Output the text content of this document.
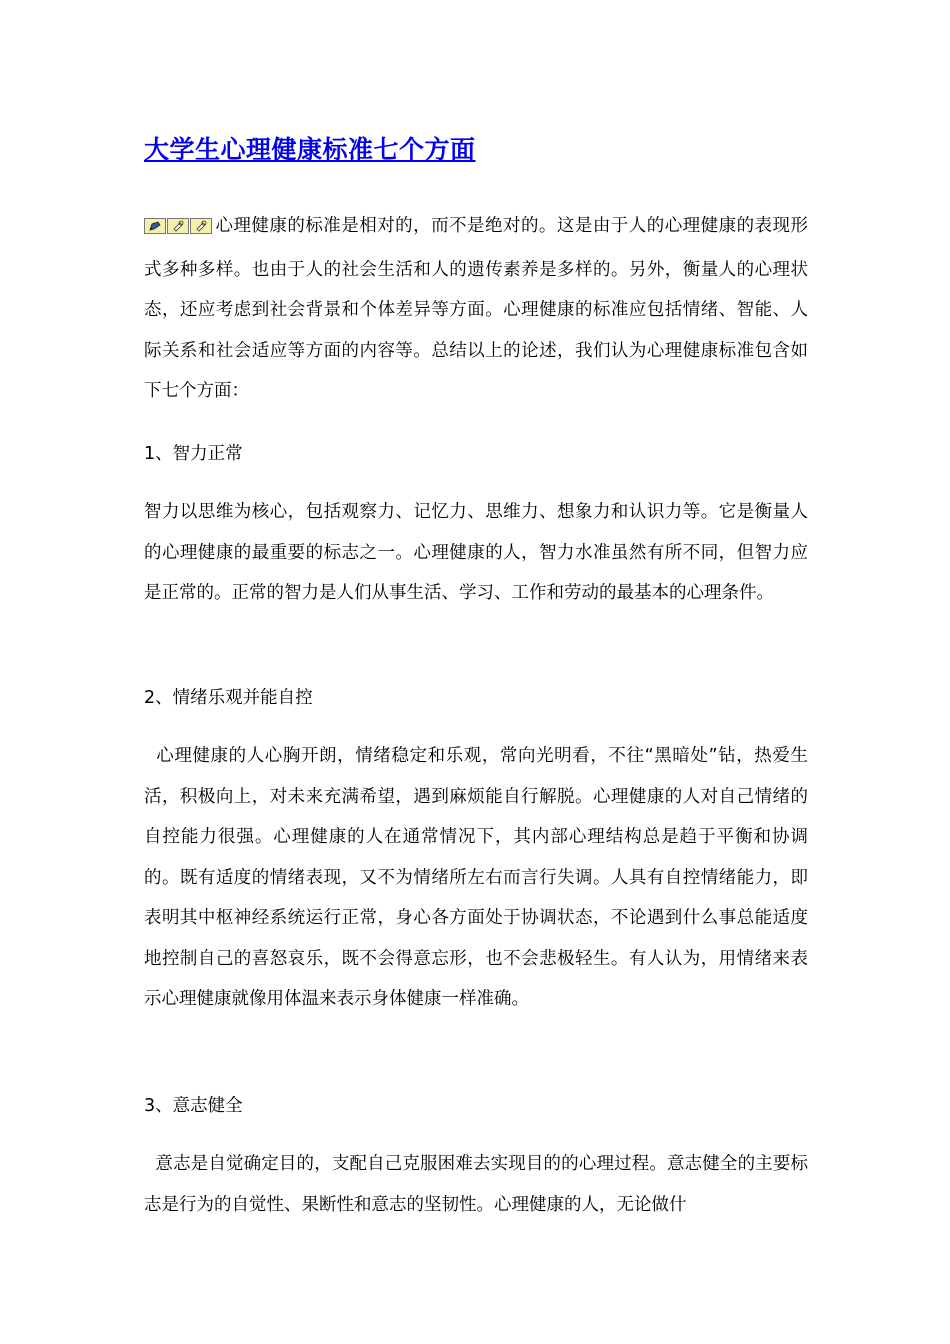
大学生心理健康标准七个方面

心理健康的标准是相对的，而不是绝对的。这是由于人的心理健康的表现形式多种多样。也由于人的社会生活和人的遗传素养是多样的。另外，衡量人的心理状态，还应考虑到社会背景和个体差异等方面。心理健康的标准应包括情绪、智能、人际关系和社会适应等方面的内容等。总结以上的论述，我们认为心理健康标准包含如下七个方面：

1、智力正常

智力以思维为核心，包括观察力、记忆力、思维力、想象力和认识力等。它是衡量人的心理健康的最重要的标志之一。心理健康的人，智力水准虽然有所不同，但智力应是正常的。正常的智力是人们从事生活、学习、工作和劳动的最基本的心理条件。

2、情绪乐观并能自控

心理健康的人心胸开朗，情绪稳定和乐观，常向光明看，不往“黑暗处”钻，热爱生活，积极向上，对未来充满希望，遇到麻烦能自行解脱。心理健康的人对自己情绪的自控能力很强。心理健康的人在通常情况下，其内部心理结构总是趋于平衡和协调的。既有适度的情绪表现，又不为情绪所左右而言行失调。人具有自控情绪能力，即表明其中枢神经系统运行正常，身心各方面处于协调状态，不论遇到什么事总能适度地控制自己的喜怒哀乐，既不会得意忘形，也不会悲极轻生。有人认为，用情绪来表示心理健康就像用体温来表示身体健康一样准确。

3、意志健全

意志是自觉确定目的，支配自己克服困难去实现目的的心理过程。意志健全的主要标志是行为的自觉性、果断性和意志的坚韧性。心理健康的人，无论做什
